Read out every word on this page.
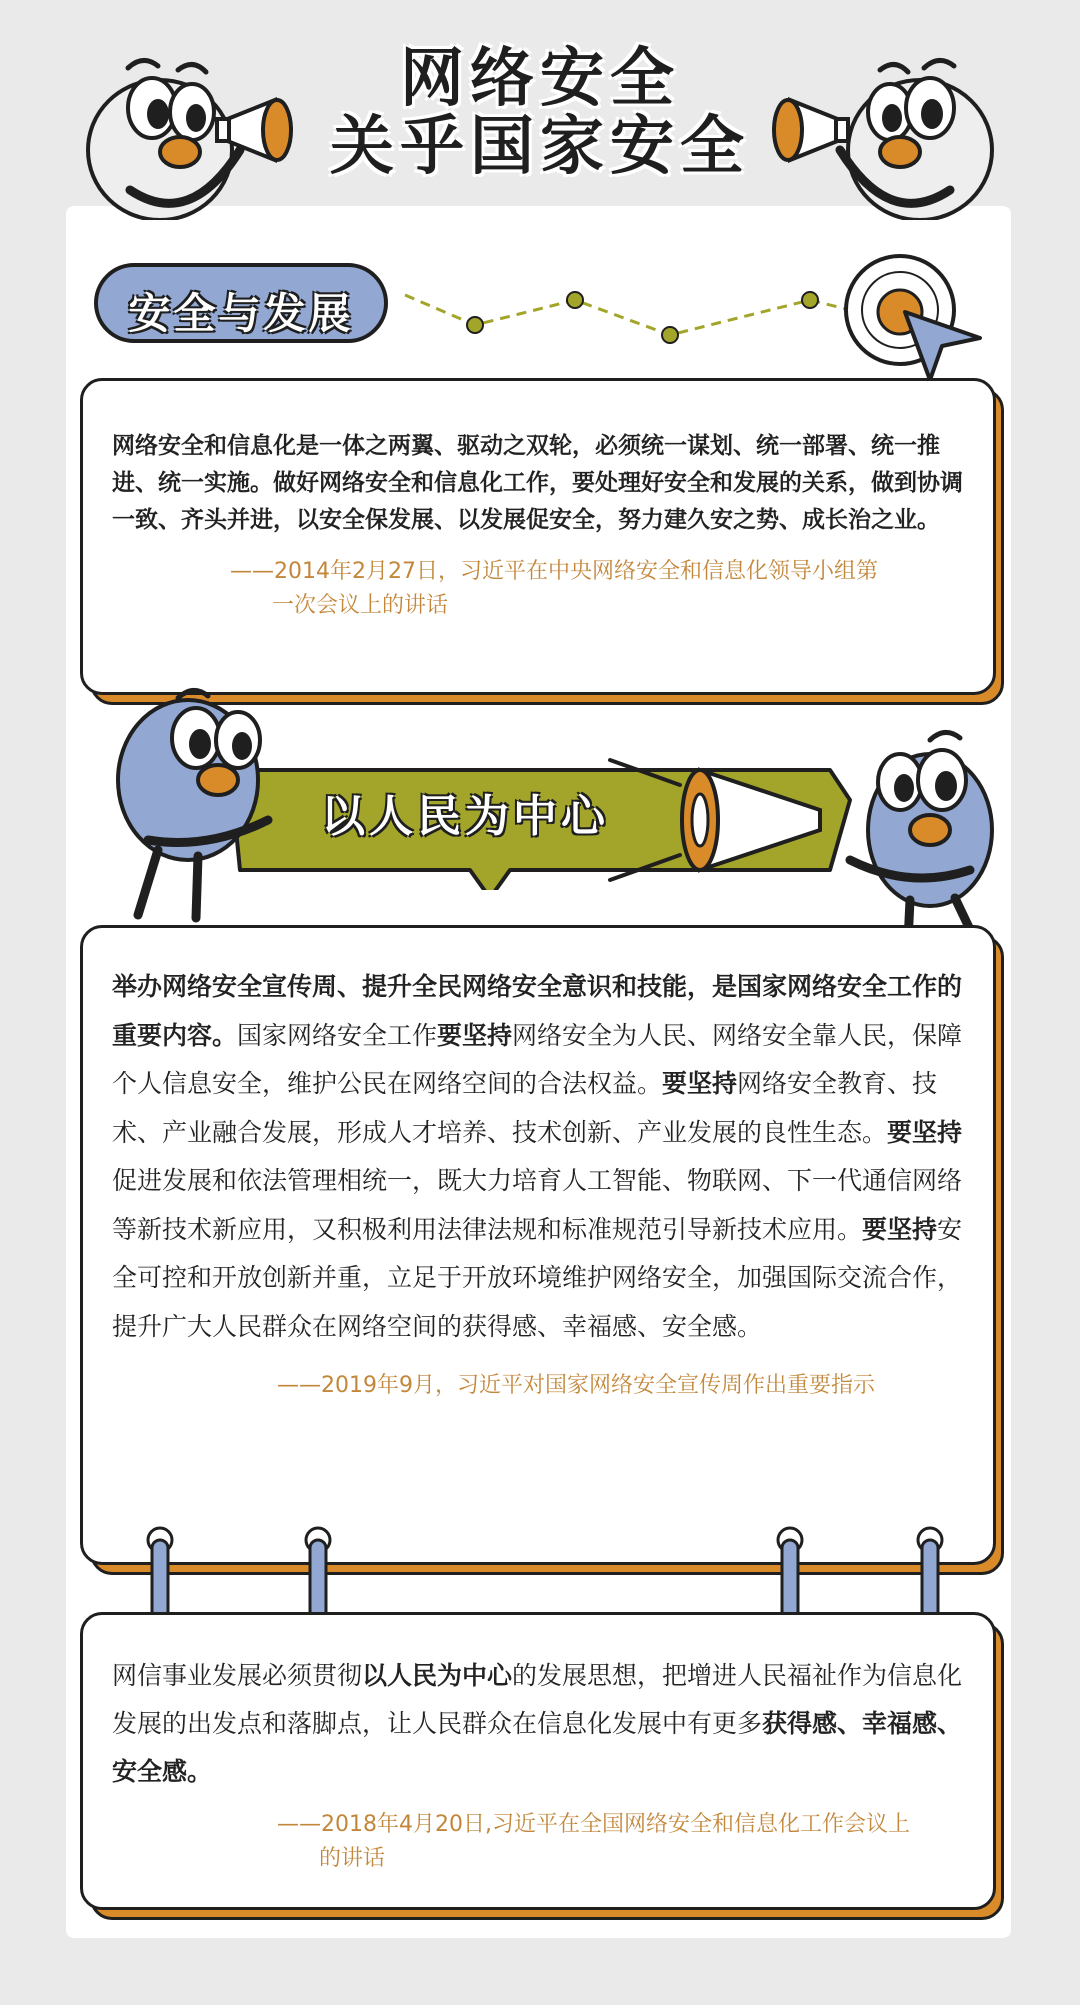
网络安全
关乎国家安全
安全与发展

网络安全和信息化是一体之两翼、驱动之双轮，必须统一谋划、统一部署、统一推进、统一实施。做好网络安全和信息化工作，要处理好安全和发展的关系，做到协调一致、齐头并进，以安全保发展、以发展促安全，努力建久安之势、成长治之业。

——2014年2月27日，习近平在中央网络安全和信息化领导小组第

一次会议上的讲话

以人民为中心

举办网络安全宣传周、提升全民网络安全意识和技能，是国家网络安全工作的重要内容。国家网络安全工作要坚持网络安全为人民、网络安全靠人民，保障个人信息安全，维护公民在网络空间的合法权益。要坚持网络安全教育、技术、产业融合发展，形成人才培养、技术创新、产业发展的良性生态。要坚持促进发展和依法管理相统一，既大力培育人工智能、物联网、下一代通信网络等新技术新应用，又积极利用法律法规和标准规范引导新技术应用。要坚持安全可控和开放创新并重，立足于开放环境维护网络安全，加强国际交流合作，提升广大人民群众在网络空间的获得感、幸福感、安全感。

——2019年9月，习近平对国家网络安全宣传周作出重要指示

网信事业发展必须贯彻以人民为中心的发展思想，把增进人民福祉作为信息化发展的出发点和落脚点，让人民群众在信息化发展中有更多获得感、幸福感、安全感。

——2018年4月20日,习近平在全国网络安全和信息化工作会议上

的讲话
